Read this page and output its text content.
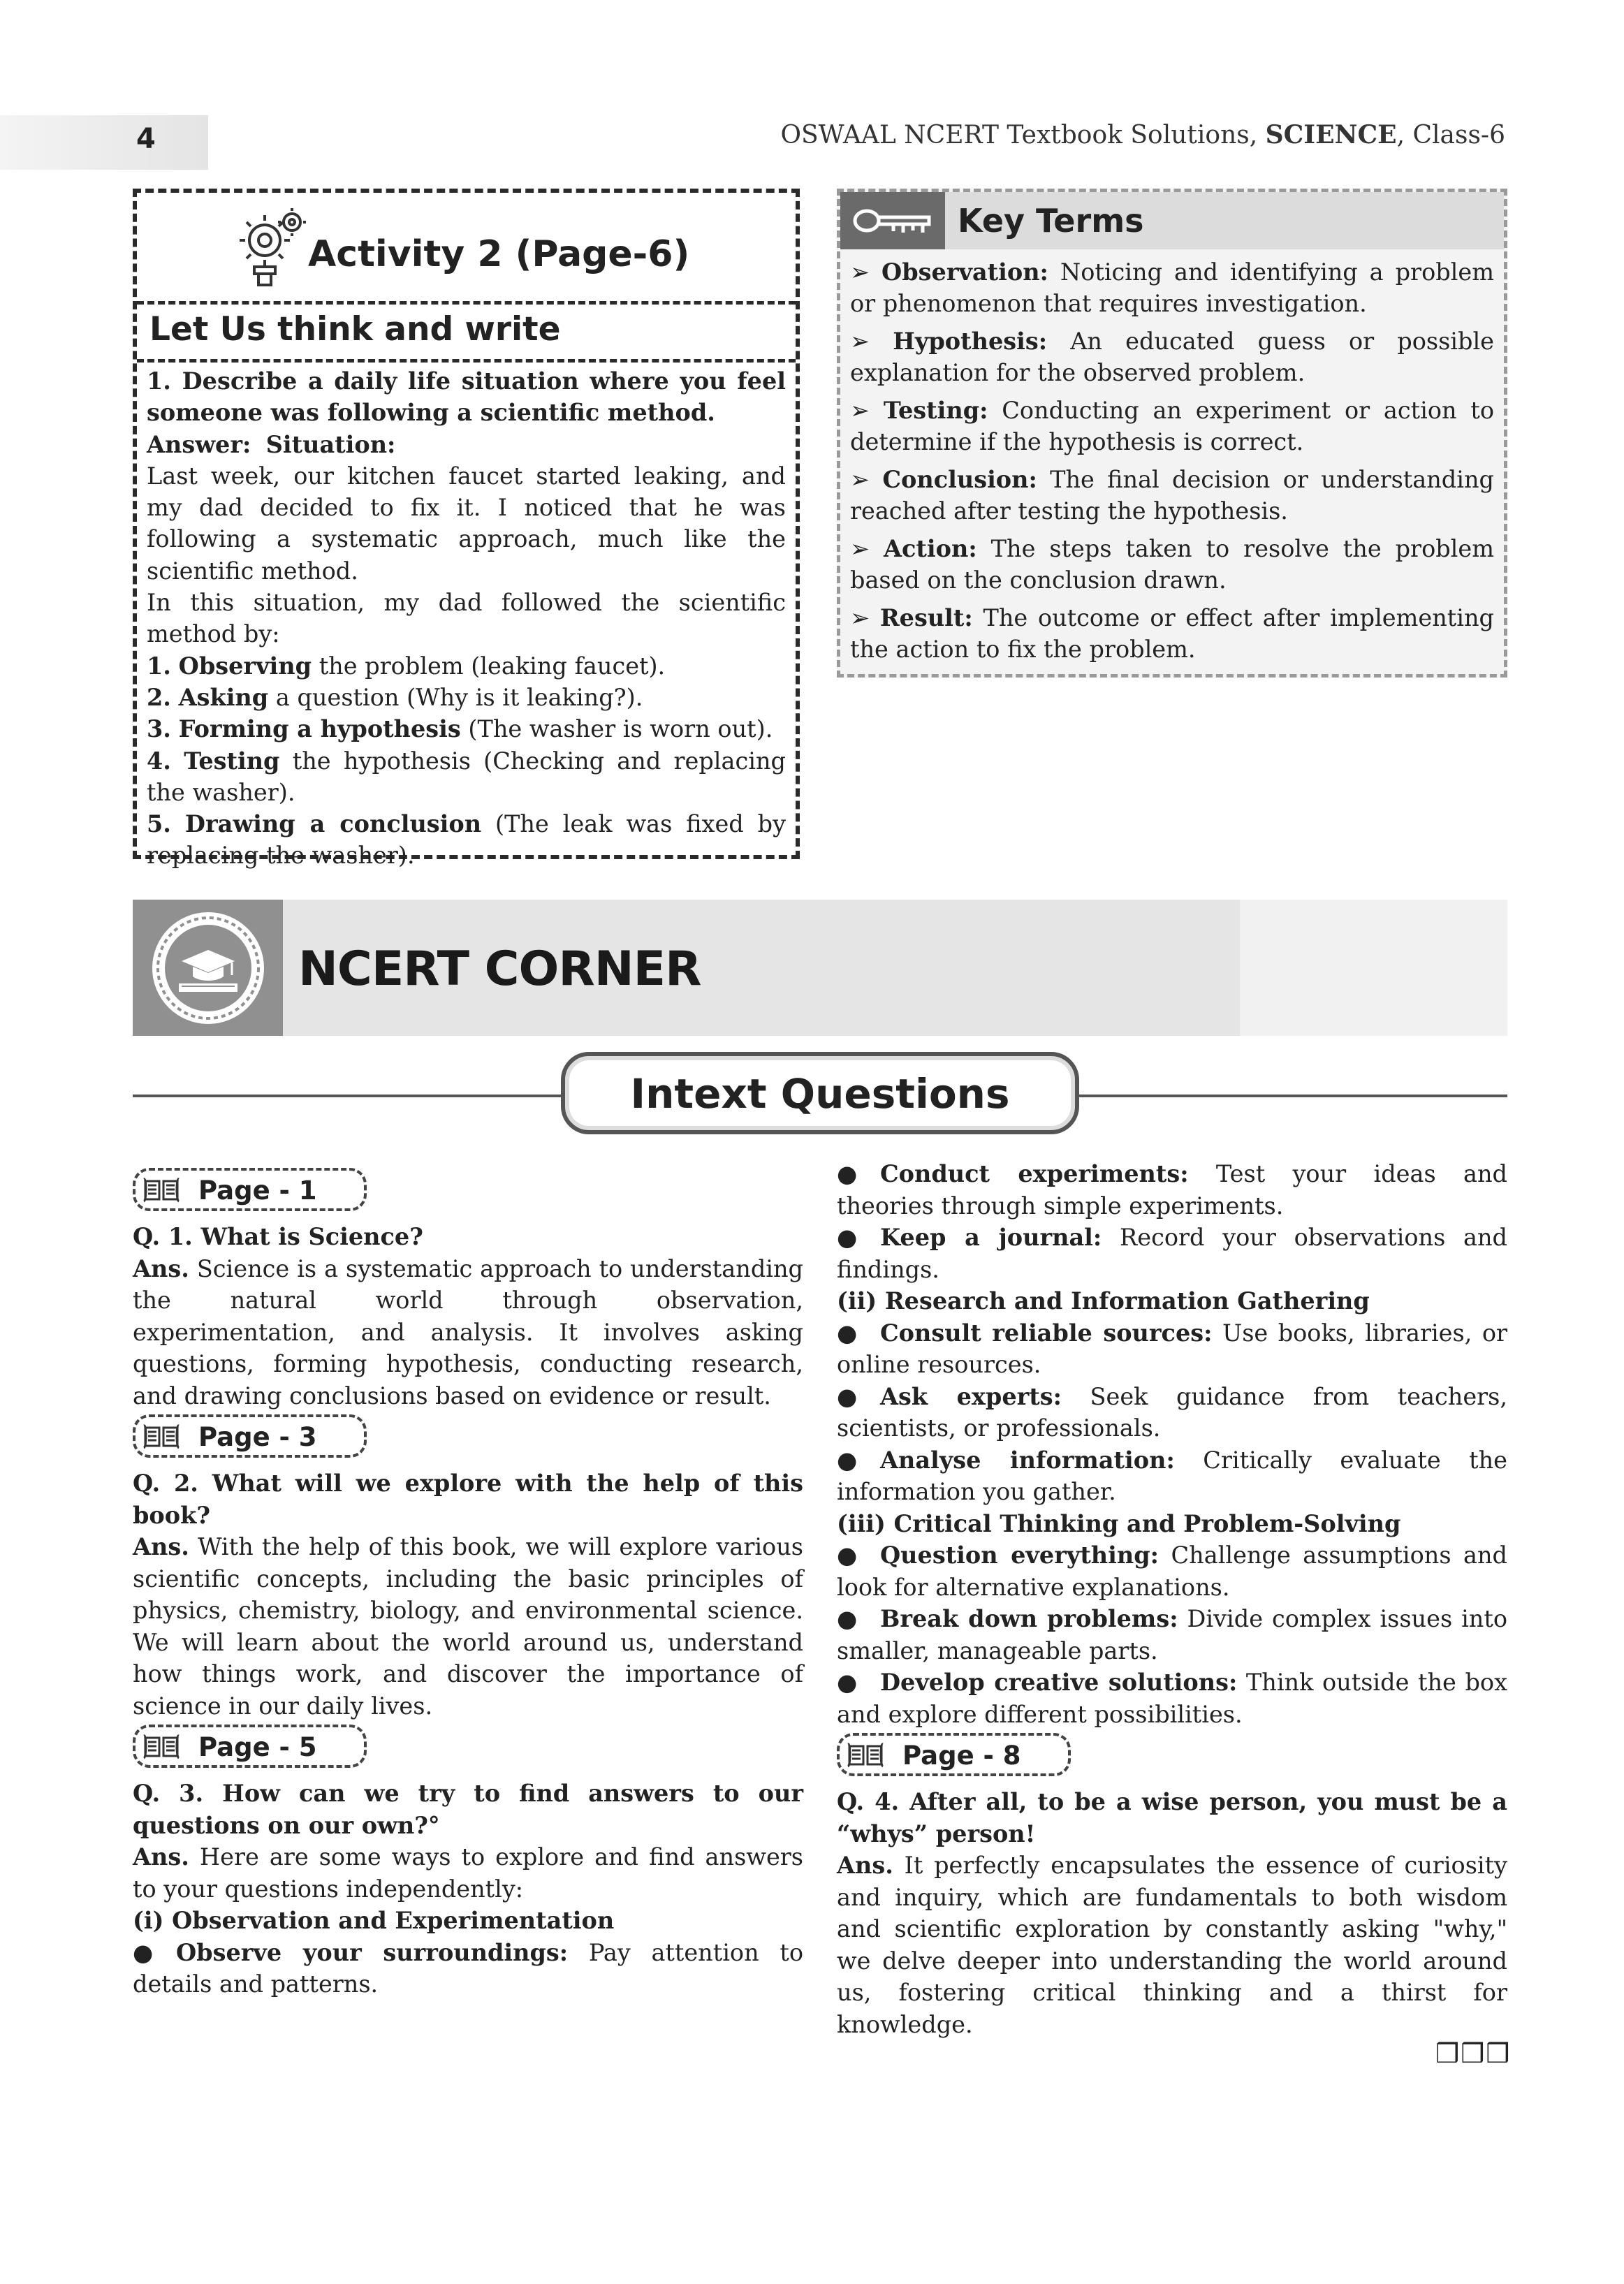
4	OSWAAL NCERT Textbook Solutions, SCIENCE, Class-6
Activity 2 (Page-6)
Let Us think and write

1. Describe a daily life situation where you feel someone was following a scientific method.

Answer: Situation:

Last week, our kitchen faucet started leaking, and my dad decided to fix it. I noticed that he was following a systematic approach, much like the scientific method.

In this situation, my dad followed the scientific method by:

1. Observing the problem (leaking faucet).

2. Asking a question (Why is it leaking?).

3. Forming a hypothesis (The washer is worn out).

4. Testing the hypothesis (Checking and replacing the washer).

5. Drawing a conclusion (The leak was fixed by replacing the washer).

Key Terms

➢ Observation: Noticing and identifying a problem or phenomenon that requires investigation.

➢ Hypothesis: An educated guess or possible explanation for the observed problem.

➢ Testing: Conducting an experiment or action to determine if the hypothesis is correct.

➢ Conclusion: The final decision or understanding reached after testing the hypothesis.

➢ Action: The steps taken to resolve the problem based on the conclusion drawn.

➢ Result: The outcome or effect after implementing the action to fix the problem.

NCERT CORNER
Intext Questions
Page - 1

Q. 1. What is Science?

Ans. Science is a systematic approach to understanding the natural world through observation, experimentation, and analysis. It involves asking questions, forming hypothesis, conducting research, and drawing conclusions based on evidence or result.

Page - 3

Q. 2. What will we explore with the help of this book?

Ans. With the help of this book, we will explore various scientific concepts, including the basic principles of physics, chemistry, biology, and environmental science. We will learn about the world around us, understand how things work, and discover the importance of science in our daily lives.

Page - 5

Q. 3. How can we try to find answers to our questions on our own?°

Ans. Here are some ways to explore and find answers to your questions independently:

(i) Observation and Experimentation

● Observe your surroundings: Pay attention to details and patterns.

● Conduct experiments: Test your ideas and theories through simple experiments.

● Keep a journal: Record your observations and findings.

(ii) Research and Information Gathering

● Consult reliable sources: Use books, libraries, or online resources.

● Ask experts: Seek guidance from teachers, scientists, or professionals.

● Analyse information: Critically evaluate the information you gather.

(iii) Critical Thinking and Problem-Solving

● Question everything: Challenge assumptions and look for alternative explanations.

● Break down problems: Divide complex issues into smaller, manageable parts.

● Develop creative solutions: Think outside the box and explore different possibilities.

Page - 8

Q. 4. After all, to be a wise person, you must be a “whys” person!

Ans. It perfectly encapsulates the essence of curiosity and inquiry, which are fundamentals to both wisdom and scientific exploration by constantly asking "why," we delve deeper into understanding the world around us, fostering critical thinking and a thirst for knowledge.

❒❒❒
